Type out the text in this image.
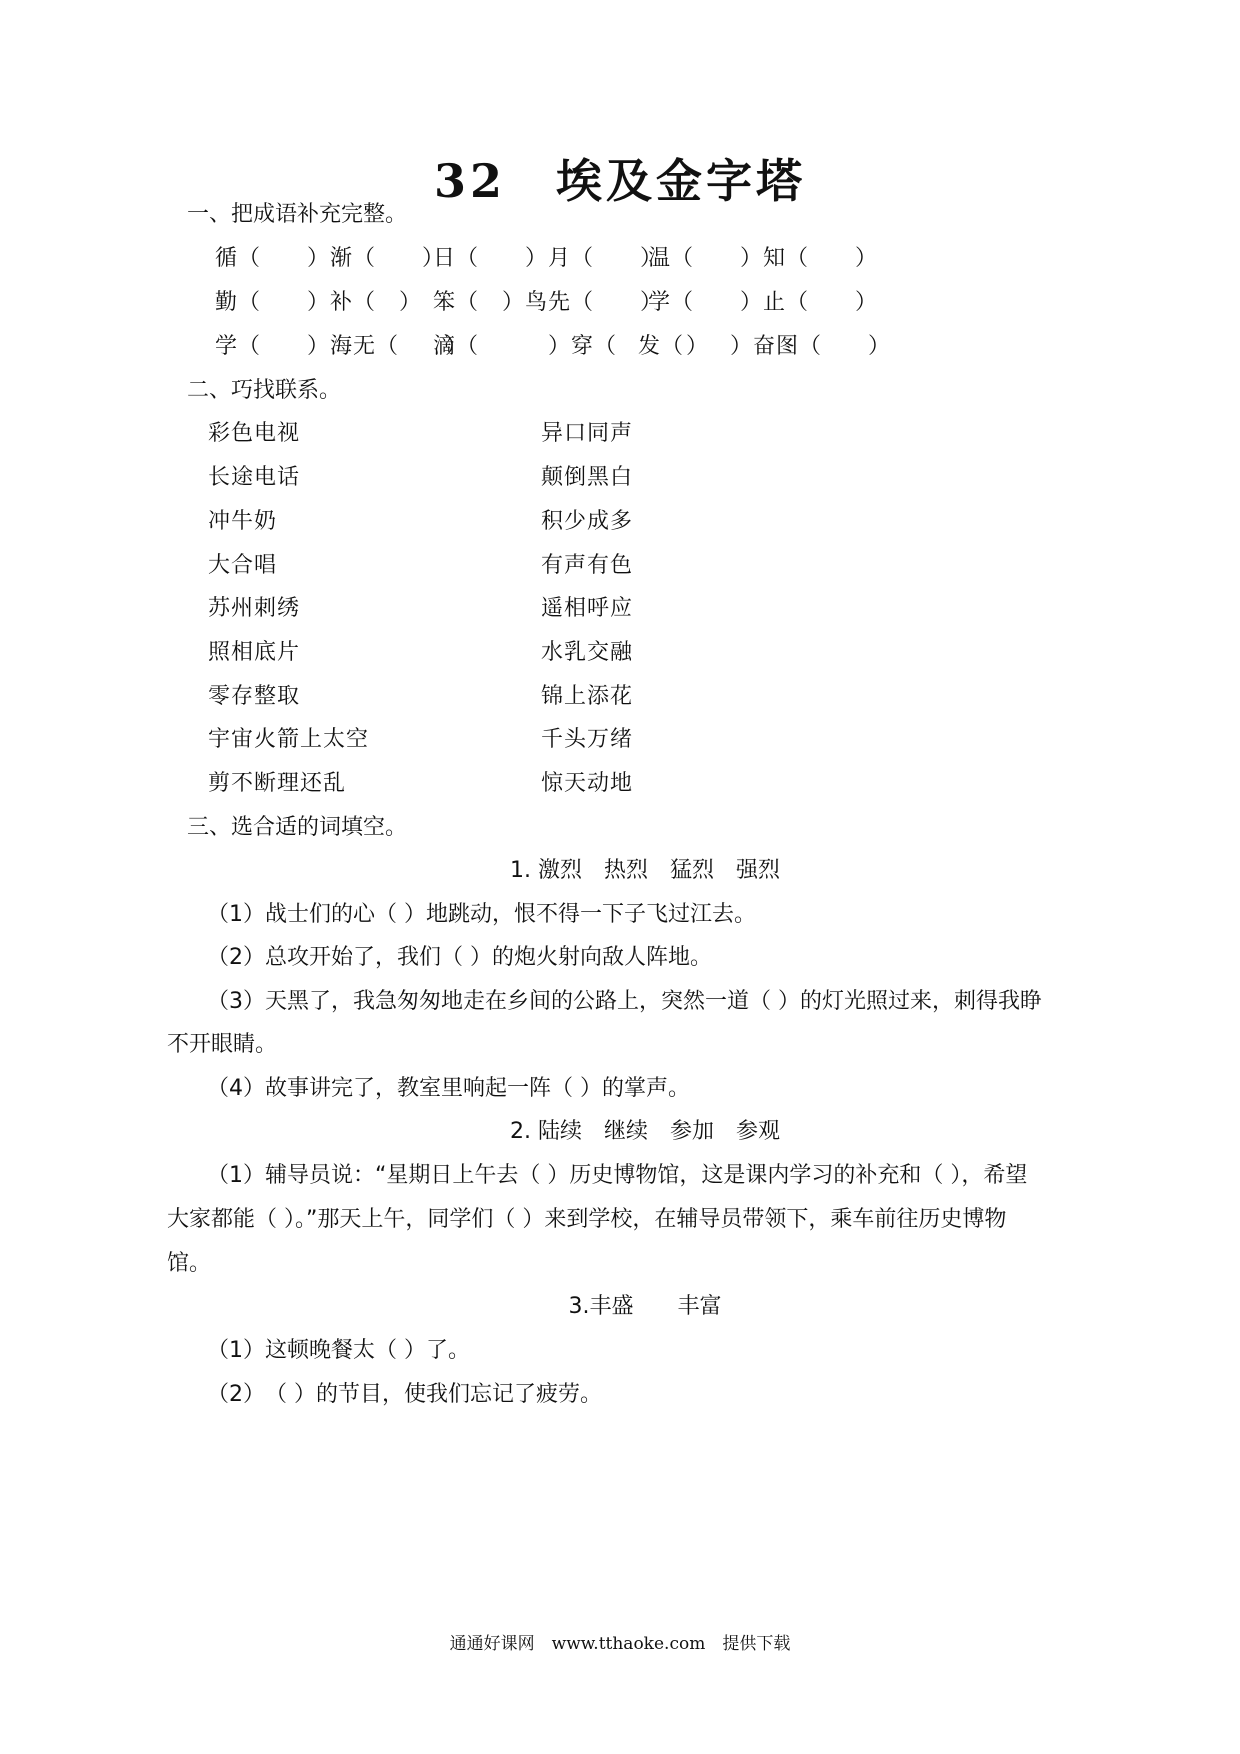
32　埃及金字塔
一、把成语补充完整。
循（　　）渐（　　）
日（　　）月（　　）
温（　　）知（　　）
勤（　　）补（　） 笨（　）鸟先（　　）
学（　　）止（　　）
学（　　）海无（　　）
滴（　　　）穿（　　　）
发（　　）奋图（　　）
二、巧找联系。
彩色电视
长途电话
冲牛奶
大合唱
苏州刺绣
照相底片
零存整取
宇宙火箭上太空
剪不断理还乱
异口同声
颠倒黑白
积少成多
有声有色
遥相呼应
水乳交融
锦上添花
千头万绪
惊天动地
三、选合适的词填空。
1. 激烈　热烈　猛烈　强烈
（1）战士们的心（ ）地跳动，恨不得一下子飞过江去。
（2）总攻开始了，我们（ ）的炮火射向敌人阵地。
（3）天黑了，我急匆匆地走在乡间的公路上，突然一道（ ）的灯光照过来，刺得我睁
不开眼睛。
（4）故事讲完了，教室里响起一阵（ ）的掌声。
2. 陆续　继续　参加　参观
（1）辅导员说：“星期日上午去（ ）历史博物馆，这是课内学习的补充和（ ），希望
大家都能（ ）。”那天上午，同学们（ ）来到学校，在辅导员带领下，乘车前往历史博物
馆。
3.丰盛　　丰富
（1）这顿晚餐太（ ）了。
（2）　（ ）的节目，使我们忘记了疲劳。
通通好课网　www.tthaoke.com　提供下载
